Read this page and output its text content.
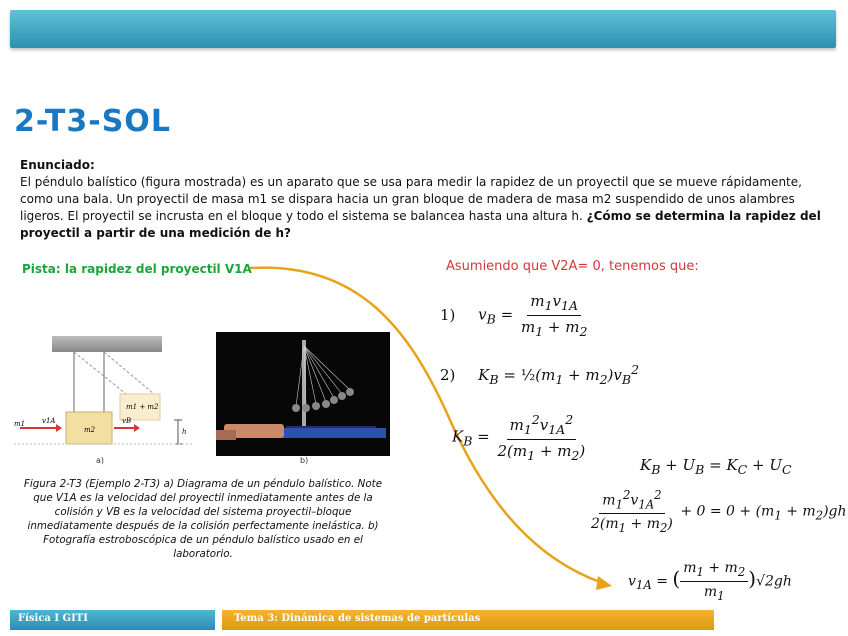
2-T3-SOL
Enunciado:
El péndulo balístico (figura mostrada) es un aparato que se usa para medir la rapidez de un proyectil que se mueve rápidamente, como una bala. Un proyectil de masa m1 se dispara hacia un gran bloque de madera de masa m2 suspendido de unos alambres ligeros. El proyectil se incrusta en el bloque y todo el sistema se balancea hasta una altura h. ¿Cómo se determina la rapidez del proyectil a partir de una medición de h?
Pista: la rapidez del proyectil V1A	Asumiendo que V2A= 0, tenemos que:
1) $v_B = \frac{m_1v_{1A}}{m_1 + m_2}$
2) $K_B$ = $\frac{1}{2}(m_1 + m_2)v_B^2$
$K_B = \frac{m_1^2v_{1A}^2}{2(m_1 + m_2)}$
$K_B + U_B = K_C + U_C$
$\frac{m_1^2v_{1A}^2}{2(m_1 + m_2)} + 0 = 0 + (m_1 + m_2)gh$
$v_{1A}$ = ( $\frac{m_1 + m_2}{m_1} )√2gh$
m1 v1A
m2
m1 + m2
vB
h
a)	b)
Figura 2-T3 (Ejemplo 2-T3) a) Diagrama de un péndulo balístico. Note que V1A es la velocidad del proyectil inmediatamente antes de la colisión y VB es la velocidad del sistema proyectil–bloque inmediatamente después de la colisión perfectamente inelástica. b) Fotografía estroboscópica de un péndulo balístico usado en el laboratorio.
Física I GITI	Tema 3: Dinámica de sistemas de partículas
